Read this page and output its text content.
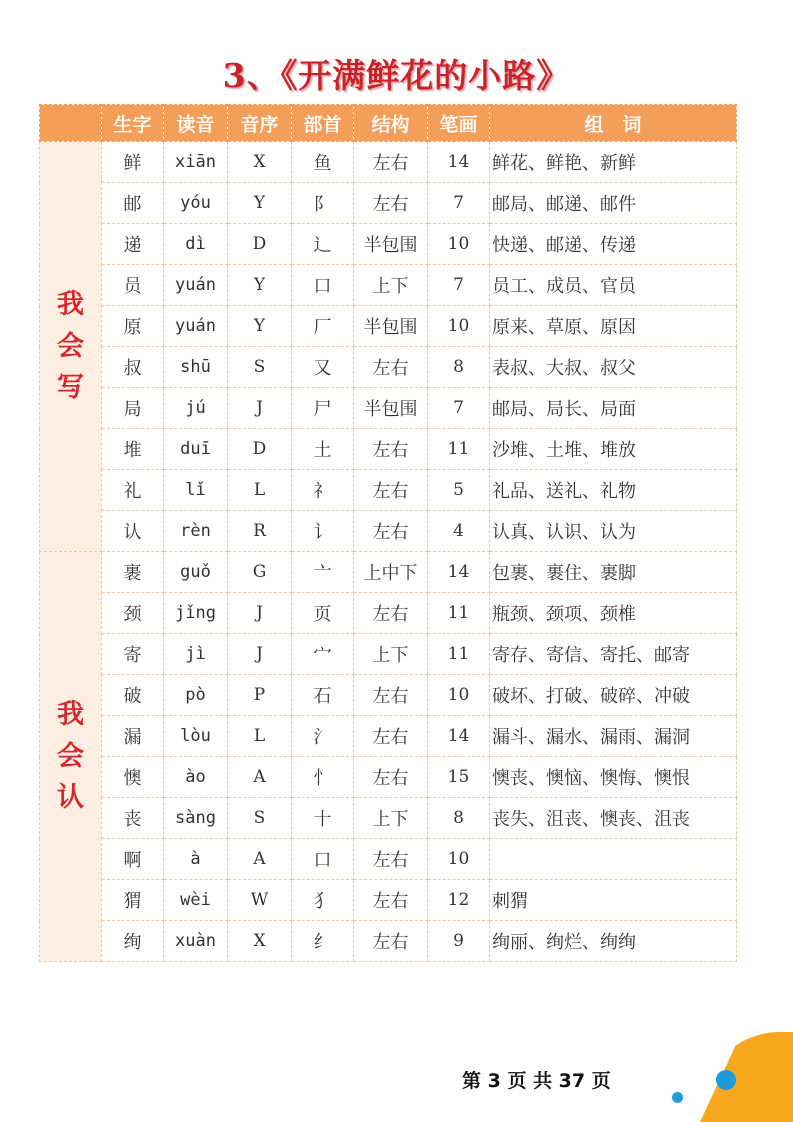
3、《开满鲜花的小路》
	生字	读音	音序	部首	结构	笔画	组　词
我会写	鲜	xiān	X	鱼	左右	14	鲜花、鲜艳、新鲜
	邮	yóu	Y	阝	左右	7	邮局、邮递、邮件
	递	dì	D	辶	半包围	10	快递、邮递、传递
	员	yuán	Y	口	上下	7	员工、成员、官员
	原	yuán	Y	厂	半包围	10	原来、草原、原因
	叔	shū	S	又	左右	8	表叔、大叔、叔父
	局	jú	J	尸	半包围	7	邮局、局长、局面
	堆	duī	D	土	左右	11	沙堆、土堆、堆放
	礼	lǐ	L	礻	左右	5	礼品、送礼、礼物
	认	rèn	R	讠	左右	4	认真、认识、认为
我会认	裹	guǒ	G	亠	上中下	14	包裹、裹住、裹脚
	颈	jǐng	J	页	左右	11	瓶颈、颈项、颈椎
	寄	jì	J	宀	上下	11	寄存、寄信、寄托、邮寄
	破	pò	P	石	左右	10	破坏、打破、破碎、冲破
	漏	lòu	L	氵	左右	14	漏斗、漏水、漏雨、漏洞
	懊	ào	A	忄	左右	15	懊丧、懊恼、懊悔、懊恨
	丧	sàng	S	十	上下	8	丧失、沮丧、懊丧、沮丧
	啊	à	A	口	左右	10	
	猬	wèi	W	犭	左右	12	刺猬
	绚	xuàn	X	纟	左右	9	绚丽、绚烂、绚绚
第 3 页 共 37 页
